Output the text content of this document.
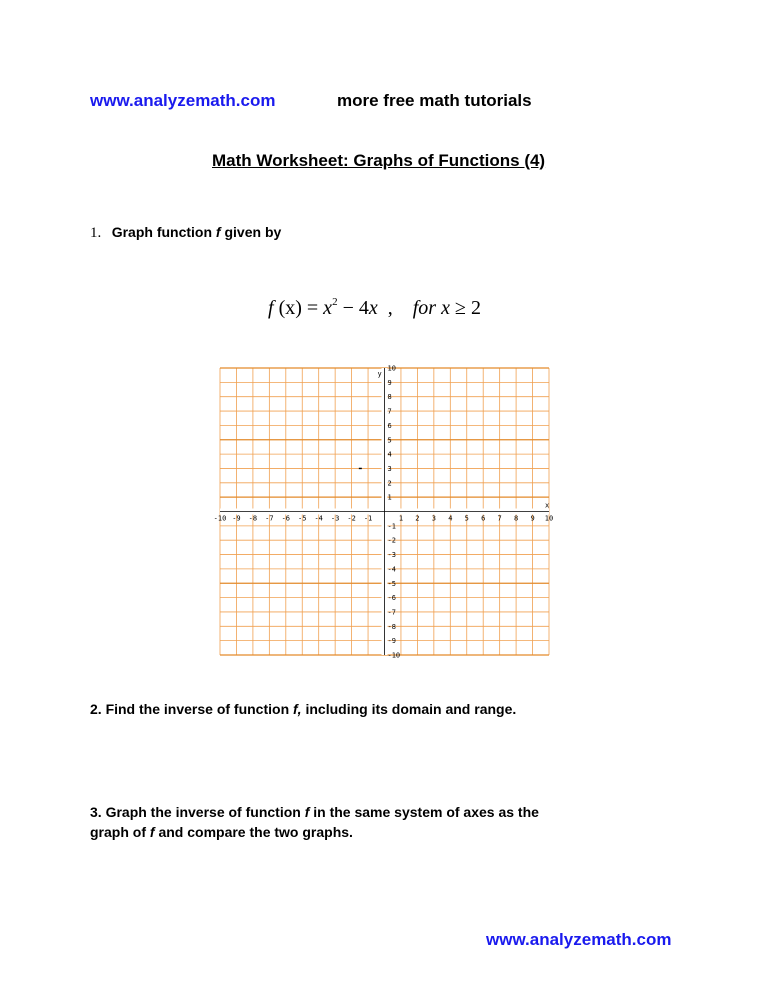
www.analyzemath.com	more free math tutorials
Math Worksheet: Graphs of Functions (4)
1. Graph function f given by
f $(x) = x^2 - 4x$  ,  for x ≥ 2
-10 -9 -8 -7 -6 -5 -4 -3 -2 -1	1 2 3 4 5 6 7 8 9 10
10
9
8
7
6
5
4
3
2
1
-1
-2
-3
-4
-5
-6
-7
-8
-9
-10
x
y
2. Find the inverse of function f, including its domain and range.
3. Graph the inverse of function f in the same system of axes as the
graph of f and compare the two graphs.
www.analyzemath.com
